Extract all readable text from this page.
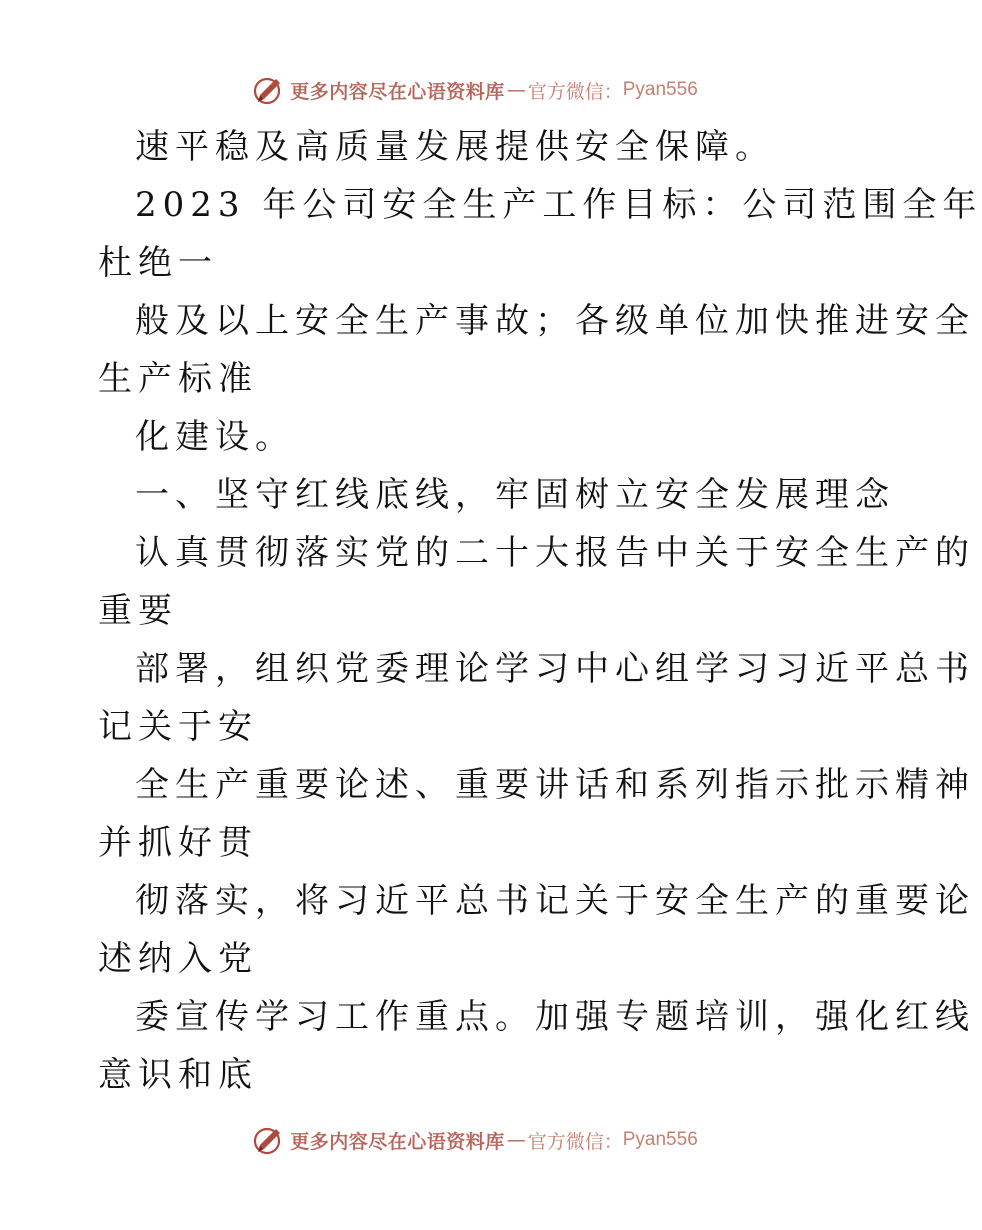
更多内容尽在心语资料库 — 官方微信： Pyan556
速平稳及高质量发展提供安全保障。
2023 年公司安全生产工作目标：公司范围全年
杜绝一
般及以上安全生产事故；各级单位加快推进安全
生产标准
化建设。
一、坚守红线底线，牢固树立安全发展理念
认真贯彻落实党的二十大报告中关于安全生产的
重要
部署，组织党委理论学习中心组学习习近平总书
记关于安
全生产重要论述、重要讲话和系列指示批示精神
并抓好贯
彻落实，将习近平总书记关于安全生产的重要论
述纳入党
委宣传学习工作重点。加强专题培训，强化红线
意识和底
更多内容尽在心语资料库 — 官方微信： Pyan556
